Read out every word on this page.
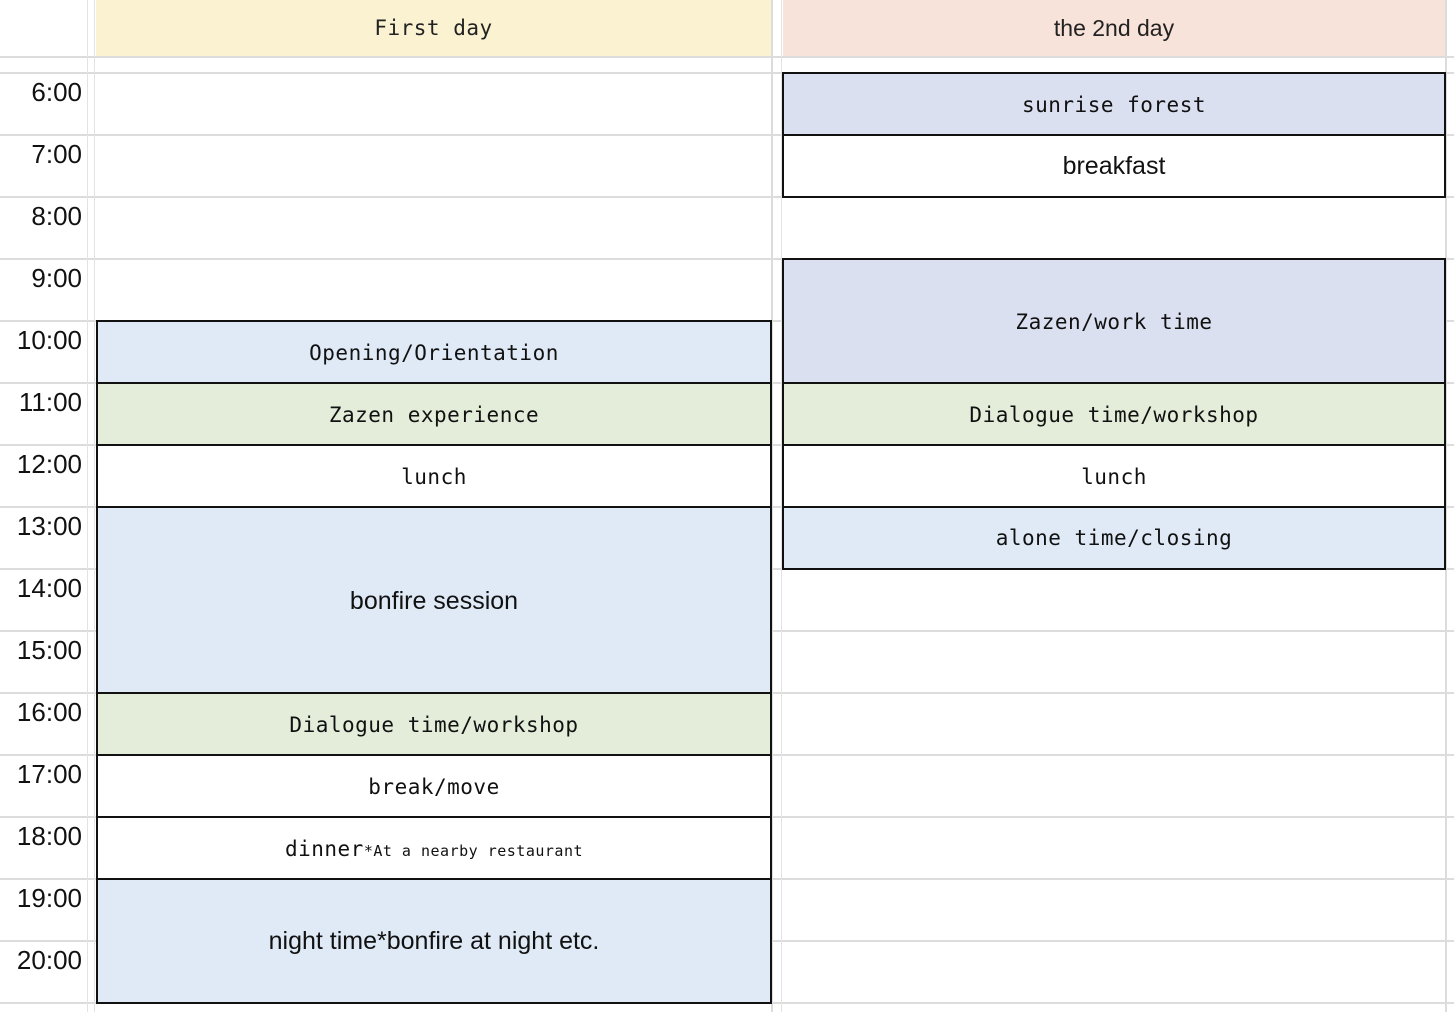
First day	the 2nd day
6:00
7:00
8:00
9:00
10:00
11:00
12:00
13:00
14:00
15:00
16:00
17:00
18:00
19:00
20:00
Opening/Orientation
Zazen experience
lunch
bonfire session
Dialogue time/workshop
break/move
dinner *At a nearby restaurant
night time*bonfire at night etc.
sunrise forest
breakfast
Zazen/work time
Dialogue time/workshop
lunch
alone time/closing
